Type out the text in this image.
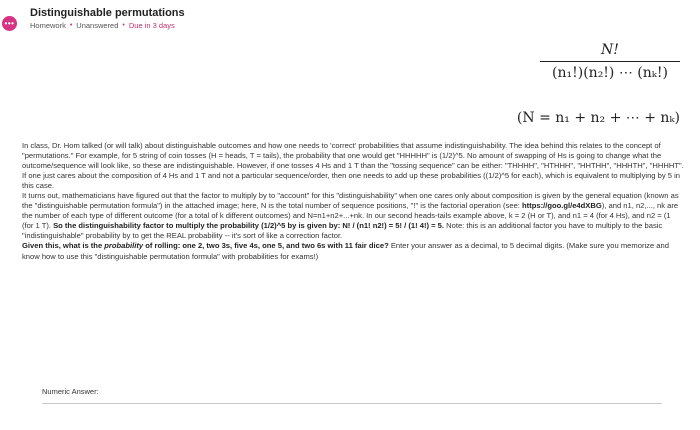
•••
Distinguishable permutations
Homework • Unanswered • Due in 3 days
N!
(n₁!)(n₂!) ⋯ (nₖ!)
(N = n₁ + n₂ + ⋯ + nₖ)

In class, Dr. Hom talked (or will talk) about distinguishable outcomes and how one needs to 'correct' probabilities that assume indistinguishability. The idea behind this relates to the concept of "permutations." For example, for 5 string of coin tosses (H = heads, T = tails), the probability that one would get "HHHHH" is (1/2)^5. No amount of swapping of Hs is going to change what the outcome/sequence will look like, so these are indistinguishable. However, if one tosses 4 Hs and 1 T than the "tossing sequence" can be either: "THHHH", "HTHHH", "HHTHH", "HHHTH", "HHHHT". If one just cares about the composition of 4 Hs and 1 T and not a particular sequence/order, then one needs to add up these probabilities ((1/2)^5 for each), which is equivalent to multiplying by 5 in this case.

It turns out, mathematicians have figured out that the factor to multiply by to "account" for this "distinguishability" when one cares only about composition is given by the general equation (known as the "distinguishable permutation formula") in the attached image; here, N is the total number of sequence positions, "!" is the factorial operation (see: https://goo.gl/e4dXBG), and n1, n2,..., nk are the number of each type of different outcome (for a total of k different outcomes) and N=n1+n2+...+nk. In our second heads-tails example above, k = 2 (H or T), and n1 = 4 (for 4 Hs), and n2 = (1 (for 1 T). So the distinguishability factor to multiply the probability (1/2)^5 by is given by: N! / (n1! n2!) = 5! / (1! 4!) = 5. Note: this is an additional factor you have to multiply to the basic "indistinguishable" probability by to get the REAL probability -- it's sort of like a correction factor.

Given this, what is the probability of rolling: one 2, two 3s, five 4s, one 5, and two 6s with 11 fair dice? Enter your answer as a decimal, to 5 decimal digits. (Make sure you memorize and know how to use this "distinguishable permutation formula" with probabilities for exams!)

Numeric Answer:
